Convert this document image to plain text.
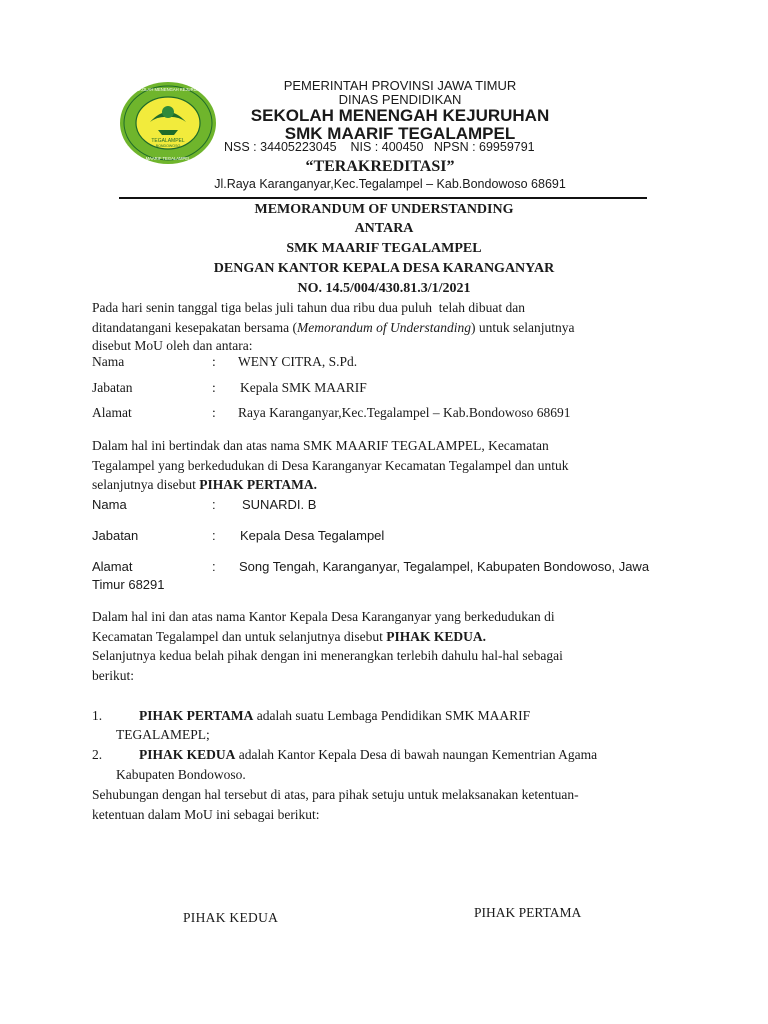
TEGALAMPEL
BONDOWOSO
SEKOLAH MENENGAH KEJURUAN
MAARIF TEGALAMPEL
PEMERINTAH PROVINSI JAWA TIMUR
DINAS PENDIDIKAN
SEKOLAH MENENGAH KEJURUHAN
SMK MAARIF TEGALAMPEL
NSS : 34405223045    NIS : 400450   NPSN : 69959791
“TERAKREDITASI”
Jl.Raya Karanganyar,Kec.Tegalampel – Kab.Bondowoso 68691
MEMORANDUM OF UNDERSTANDING
ANTARA
SMK MAARIF TEGALAMPEL
DENGAN KANTOR KEPALA DESA KARANGANYAR
NO. 14.5/004/430.81.3/1/2021
Pada hari senin tanggal tiga belas juli tahun dua ribu dua puluh  telah dibuat dan
ditandatangani kesepakatan bersama (Memorandum of Understanding) untuk selanjutnya
disebut MoU oleh dan antara:
Nama	: WENY CITRA, S.Pd.
Jabatan	: Kepala SMK MAARIF
Alamat	: Raya Karanganyar,Kec.Tegalampel – Kab.Bondowoso 68691
Dalam hal ini bertindak dan atas nama SMK MAARIF TEGALAMPEL, Kecamatan
Tegalampel yang berkedudukan di Desa Karanganyar Kecamatan Tegalampel dan untuk
selanjutnya disebut PIHAK PERTAMA.
Nama	: SUNARDI. B
Jabatan	: Kepala Desa Tegalampel
Alamat	: Song Tengah, Karanganyar, Tegalampel, Kabupaten Bondowoso, Jawa
Timur 68291
Dalam hal ini dan atas nama Kantor Kepala Desa Karanganyar yang berkedudukan di
Kecamatan Tegalampel dan untuk selanjutnya disebut PIHAK KEDUA.
Selanjutnya kedua belah pihak dengan ini menerangkan terlebih dahulu hal-hal sebagai
berikut:
1.	PIHAK PERTAMA adalah suatu Lembaga Pendidikan SMK MAARIF
TEGALAMEPL;
2.	PIHAK KEDUA adalah Kantor Kepala Desa di bawah naungan Kementrian Agama
Kabupaten Bondowoso.
Sehubungan dengan hal tersebut di atas, para pihak setuju untuk melaksanakan ketentuan-
ketentuan dalam MoU ini sebagai berikut:
PIHAK KEDUA	PIHAK PERTAMA
